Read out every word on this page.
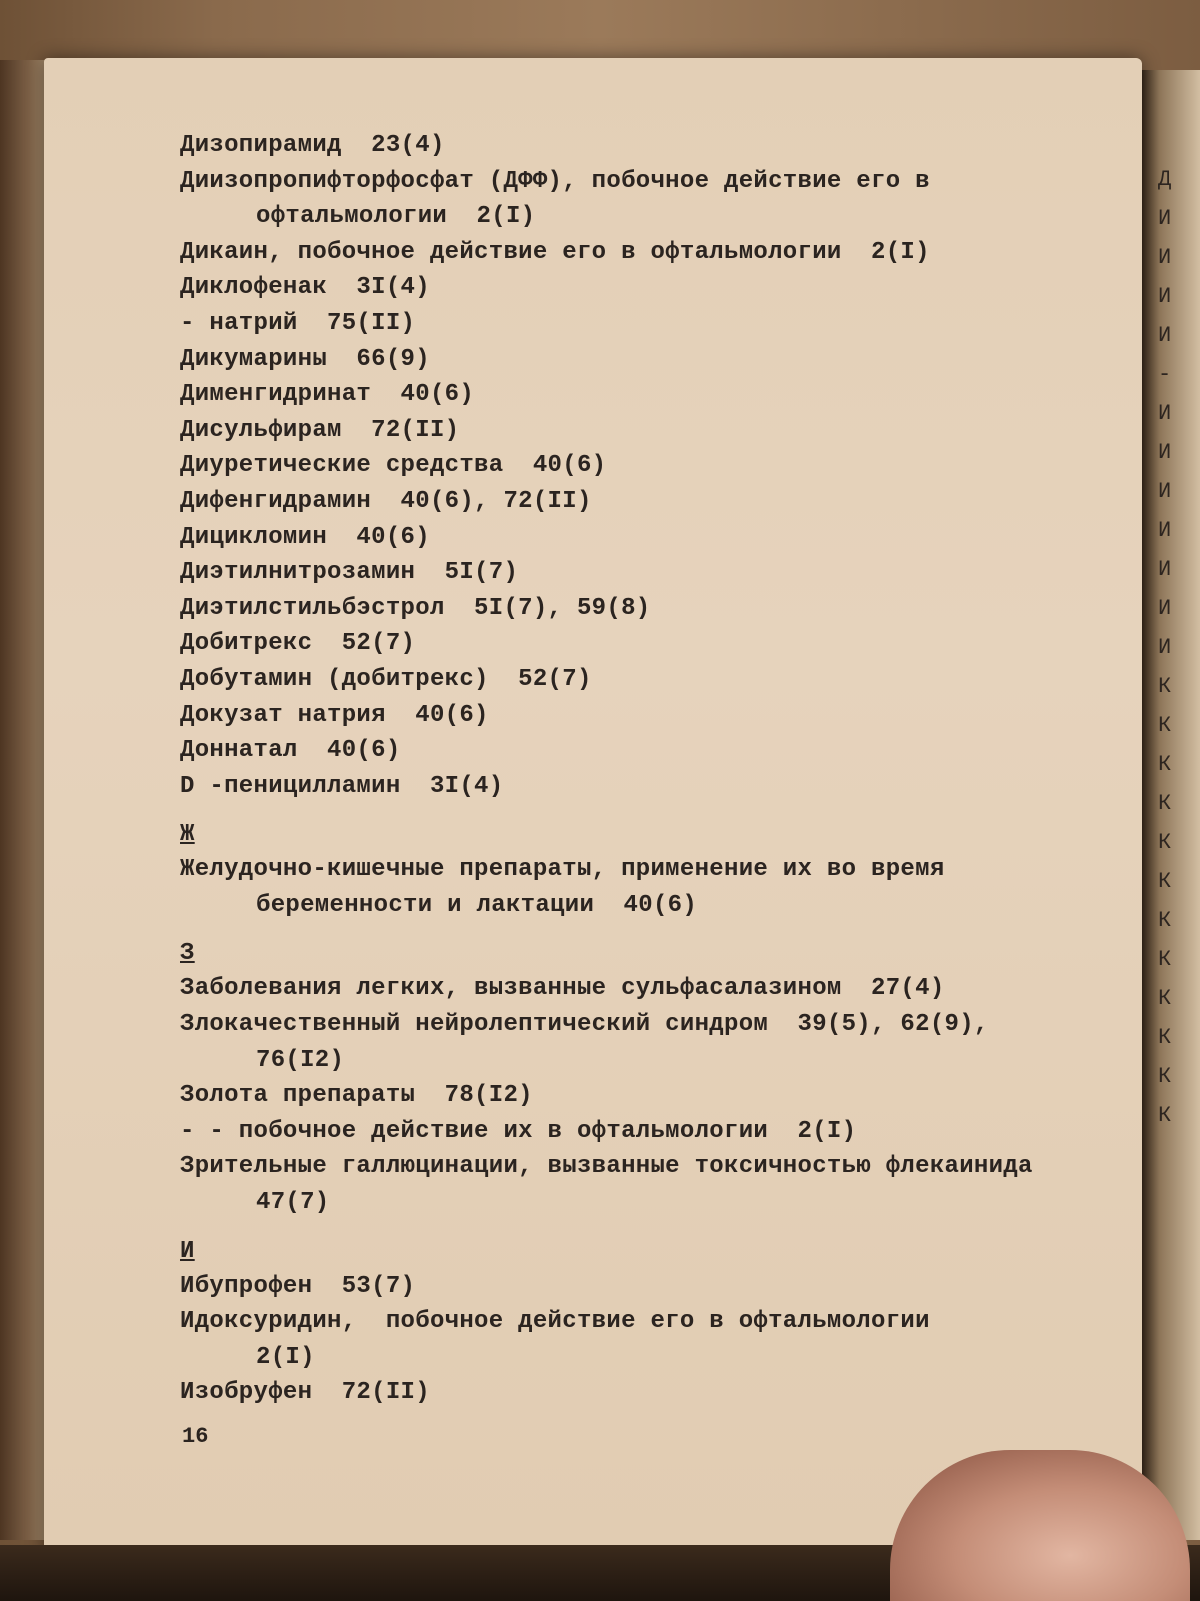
Д
И
И
И
И
-
И
И
И
И
И
И
И
К
К
К
К
К
К
К
К
К
К
К
К
Дизопирамид  23(4)
Диизопропифторфосфат (ДФФ), побочное действие его в
офтальмологии  2(I)
Дикаин, побочное действие его в офтальмологии  2(I)
Диклофенак  3I(4)
- натрий  75(II)
Дикумарины  66(9)
Дименгидринат  40(6)
Дисульфирам  72(II)
Диуретические средства  40(6)
Дифенгидрамин  40(6), 72(II)
Дицикломин  40(6)
Диэтилнитрозамин  5I(7)
Диэтилстильбэстрол  5I(7), 59(8)
Добитрекс  52(7)
Добутамин (добитрекс)  52(7)
Докузат натрия  40(6)
Доннатал  40(6)
D -пеницилламин  3I(4)
Ж
Желудочно-кишечные препараты, применение их во время
беременности и лактации  40(6)
З
Заболевания легких, вызванные сульфасалазином  27(4)
Злокачественный нейролептический синдром  39(5), 62(9),
76(I2)
Золота препараты  78(I2)
- - побочное действие их в офтальмологии  2(I)
Зрительные галлюцинации, вызванные токсичностью флекаинида
47(7)
И
Ибупрофен  53(7)
Идоксуридин,  побочное действие его в офтальмологии
2(I)
Изобруфен  72(II)
16
